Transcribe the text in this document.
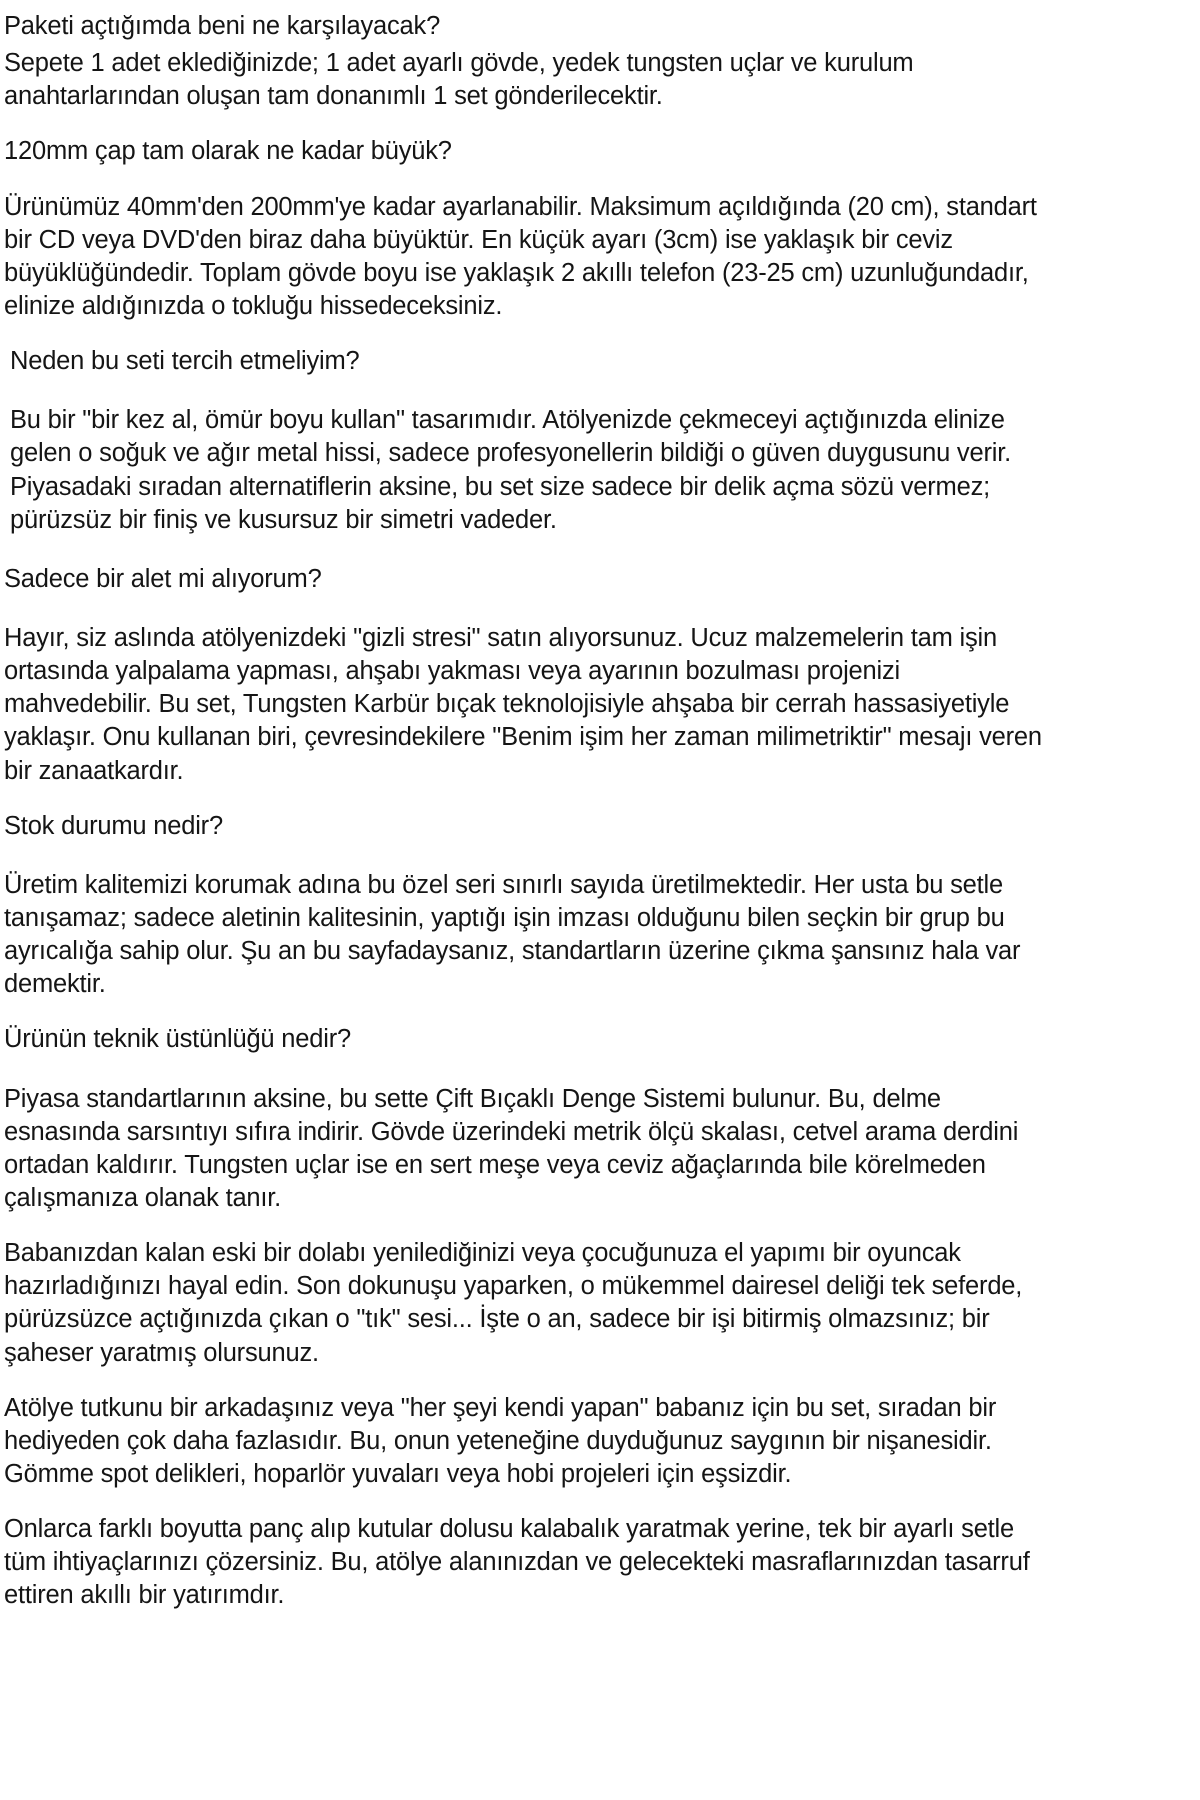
Paketi açtığımda beni ne karşılayacak?

Sepete 1 adet eklediğinizde; 1 adet ayarlı gövde, yedek tungsten uçlar ve kurulum anahtarlarından oluşan tam donanımlı 1 set gönderilecektir.

120mm çap tam olarak ne kadar büyük?

Ürünümüz 40mm'den 200mm'ye kadar ayarlanabilir. Maksimum açıldığında (20 cm), standart bir CD veya DVD'den biraz daha büyüktür. En küçük ayarı (3cm) ise yaklaşık bir ceviz büyüklüğündedir. Toplam gövde boyu ise yaklaşık 2 akıllı telefon (23-25 cm) uzunluğundadır, elinize aldığınızda o tokluğu hissedeceksiniz.

Neden bu seti tercih etmeliyim?

Bu bir "bir kez al, ömür boyu kullan" tasarımıdır. Atölyenizde çekmeceyi açtığınızda elinize gelen o soğuk ve ağır metal hissi, sadece profesyonellerin bildiği o güven duygusunu verir. Piyasadaki sıradan alternatiflerin aksine, bu set size sadece bir delik açma sözü vermez; pürüzsüz bir finiş ve kusursuz bir simetri vadeder.

Sadece bir alet mi alıyorum?

Hayır, siz aslında atölyenizdeki "gizli stresi" satın alıyorsunuz. Ucuz malzemelerin tam işin ortasında yalpalama yapması, ahşabı yakması veya ayarının bozulması projenizi mahvedebilir. Bu set, Tungsten Karbür bıçak teknolojisiyle ahşaba bir cerrah hassasiyetiyle yaklaşır. Onu kullanan biri, çevresindekilere "Benim işim her zaman milimetriktir" mesajı veren bir zanaatkardır.

Stok durumu nedir?

Üretim kalitemizi korumak adına bu özel seri sınırlı sayıda üretilmektedir. Her usta bu setle tanışamaz; sadece aletinin kalitesinin, yaptığı işin imzası olduğunu bilen seçkin bir grup bu ayrıcalığa sahip olur. Şu an bu sayfadaysanız, standartların üzerine çıkma şansınız hala var demektir.

Ürünün teknik üstünlüğü nedir?

Piyasa standartlarının aksine, bu sette Çift Bıçaklı Denge Sistemi bulunur. Bu, delme esnasında sarsıntıyı sıfıra indirir. Gövde üzerindeki metrik ölçü skalası, cetvel arama derdini ortadan kaldırır. Tungsten uçlar ise en sert meşe veya ceviz ağaçlarında bile körelmeden çalışmanıza olanak tanır.

Babanızdan kalan eski bir dolabı yenilediğinizi veya çocuğunuza el yapımı bir oyuncak hazırladığınızı hayal edin. Son dokunuşu yaparken, o mükemmel dairesel deliği tek seferde, pürüzsüzce açtığınızda çıkan o "tık" sesi... İşte o an, sadece bir işi bitirmiş olmazsınız; bir şaheser yaratmış olursunuz.

Atölye tutkunu bir arkadaşınız veya "her şeyi kendi yapan" babanız için bu set, sıradan bir hediyeden çok daha fazlasıdır. Bu, onun yeteneğine duyduğunuz saygının bir nişanesidir. Gömme spot delikleri, hoparlör yuvaları veya hobi projeleri için eşsizdir.

Onlarca farklı boyutta panç alıp kutular dolusu kalabalık yaratmak yerine, tek bir ayarlı setle tüm ihtiyaçlarınızı çözersiniz. Bu, atölye alanınızdan ve gelecekteki masraflarınızdan tasarruf ettiren akıllı bir yatırımdır.
